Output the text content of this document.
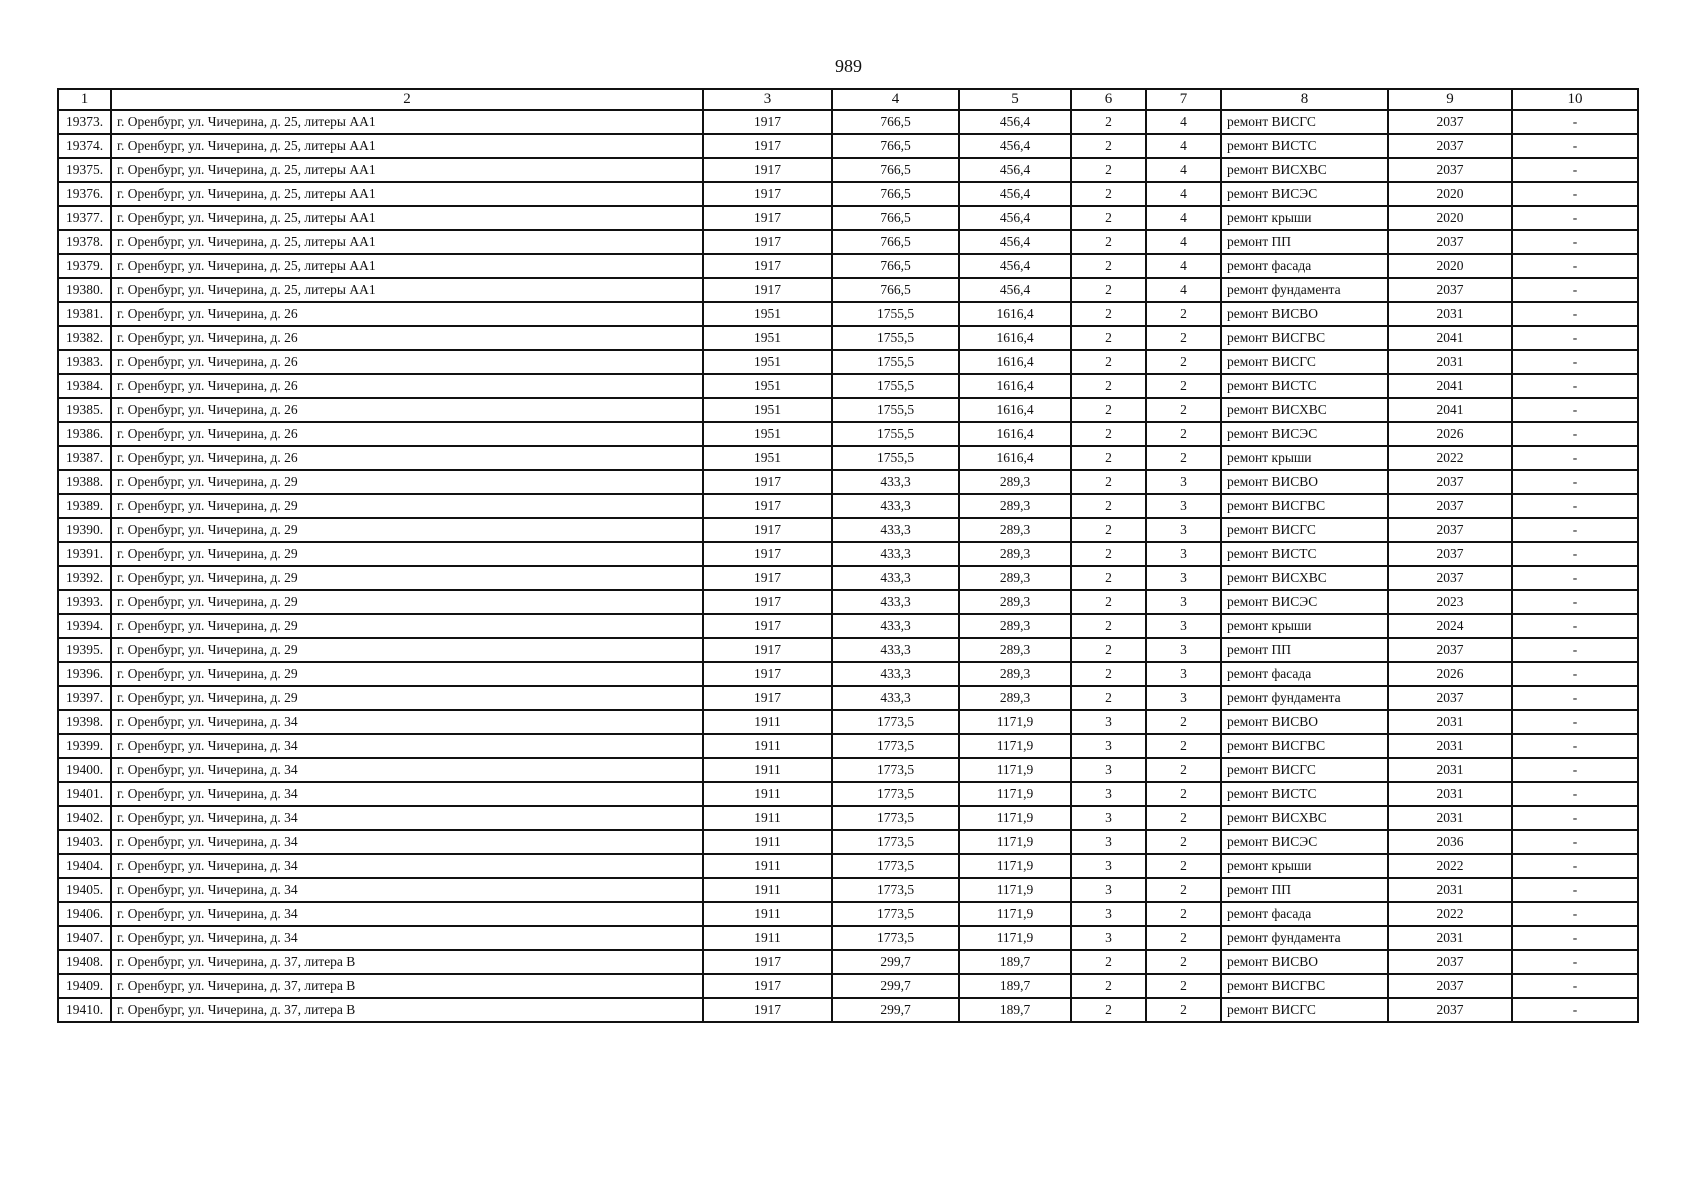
989
1	2	3	4	5	6	7	8	9	10
19373.	г. Оренбург, ул. Чичерина, д. 25, литеры АА1	1917	766,5	456,4	2	4	ремонт ВИСГС	2037	-
19374.	г. Оренбург, ул. Чичерина, д. 25, литеры АА1	1917	766,5	456,4	2	4	ремонт ВИСТС	2037	-
19375.	г. Оренбург, ул. Чичерина, д. 25, литеры АА1	1917	766,5	456,4	2	4	ремонт ВИСХВС	2037	-
19376.	г. Оренбург, ул. Чичерина, д. 25, литеры АА1	1917	766,5	456,4	2	4	ремонт ВИСЭС	2020	-
19377.	г. Оренбург, ул. Чичерина, д. 25, литеры АА1	1917	766,5	456,4	2	4	ремонт крыши	2020	-
19378.	г. Оренбург, ул. Чичерина, д. 25, литеры АА1	1917	766,5	456,4	2	4	ремонт ПП	2037	-
19379.	г. Оренбург, ул. Чичерина, д. 25, литеры АА1	1917	766,5	456,4	2	4	ремонт фасада	2020	-
19380.	г. Оренбург, ул. Чичерина, д. 25, литеры АА1	1917	766,5	456,4	2	4	ремонт фундамента	2037	-
19381.	г. Оренбург, ул. Чичерина, д. 26	1951	1755,5	1616,4	2	2	ремонт ВИСВО	2031	-
19382.	г. Оренбург, ул. Чичерина, д. 26	1951	1755,5	1616,4	2	2	ремонт ВИСГВС	2041	-
19383.	г. Оренбург, ул. Чичерина, д. 26	1951	1755,5	1616,4	2	2	ремонт ВИСГС	2031	-
19384.	г. Оренбург, ул. Чичерина, д. 26	1951	1755,5	1616,4	2	2	ремонт ВИСТС	2041	-
19385.	г. Оренбург, ул. Чичерина, д. 26	1951	1755,5	1616,4	2	2	ремонт ВИСХВС	2041	-
19386.	г. Оренбург, ул. Чичерина, д. 26	1951	1755,5	1616,4	2	2	ремонт ВИСЭС	2026	-
19387.	г. Оренбург, ул. Чичерина, д. 26	1951	1755,5	1616,4	2	2	ремонт крыши	2022	-
19388.	г. Оренбург, ул. Чичерина, д. 29	1917	433,3	289,3	2	3	ремонт ВИСВО	2037	-
19389.	г. Оренбург, ул. Чичерина, д. 29	1917	433,3	289,3	2	3	ремонт ВИСГВС	2037	-
19390.	г. Оренбург, ул. Чичерина, д. 29	1917	433,3	289,3	2	3	ремонт ВИСГС	2037	-
19391.	г. Оренбург, ул. Чичерина, д. 29	1917	433,3	289,3	2	3	ремонт ВИСТС	2037	-
19392.	г. Оренбург, ул. Чичерина, д. 29	1917	433,3	289,3	2	3	ремонт ВИСХВС	2037	-
19393.	г. Оренбург, ул. Чичерина, д. 29	1917	433,3	289,3	2	3	ремонт ВИСЭС	2023	-
19394.	г. Оренбург, ул. Чичерина, д. 29	1917	433,3	289,3	2	3	ремонт крыши	2024	-
19395.	г. Оренбург, ул. Чичерина, д. 29	1917	433,3	289,3	2	3	ремонт ПП	2037	-
19396.	г. Оренбург, ул. Чичерина, д. 29	1917	433,3	289,3	2	3	ремонт фасада	2026	-
19397.	г. Оренбург, ул. Чичерина, д. 29	1917	433,3	289,3	2	3	ремонт фундамента	2037	-
19398.	г. Оренбург, ул. Чичерина, д. 34	1911	1773,5	1171,9	3	2	ремонт ВИСВО	2031	-
19399.	г. Оренбург, ул. Чичерина, д. 34	1911	1773,5	1171,9	3	2	ремонт ВИСГВС	2031	-
19400.	г. Оренбург, ул. Чичерина, д. 34	1911	1773,5	1171,9	3	2	ремонт ВИСГС	2031	-
19401.	г. Оренбург, ул. Чичерина, д. 34	1911	1773,5	1171,9	3	2	ремонт ВИСТС	2031	-
19402.	г. Оренбург, ул. Чичерина, д. 34	1911	1773,5	1171,9	3	2	ремонт ВИСХВС	2031	-
19403.	г. Оренбург, ул. Чичерина, д. 34	1911	1773,5	1171,9	3	2	ремонт ВИСЭС	2036	-
19404.	г. Оренбург, ул. Чичерина, д. 34	1911	1773,5	1171,9	3	2	ремонт крыши	2022	-
19405.	г. Оренбург, ул. Чичерина, д. 34	1911	1773,5	1171,9	3	2	ремонт ПП	2031	-
19406.	г. Оренбург, ул. Чичерина, д. 34	1911	1773,5	1171,9	3	2	ремонт фасада	2022	-
19407.	г. Оренбург, ул. Чичерина, д. 34	1911	1773,5	1171,9	3	2	ремонт фундамента	2031	-
19408.	г. Оренбург, ул. Чичерина, д. 37, литера В	1917	299,7	189,7	2	2	ремонт ВИСВО	2037	-
19409.	г. Оренбург, ул. Чичерина, д. 37, литера В	1917	299,7	189,7	2	2	ремонт ВИСГВС	2037	-
19410.	г. Оренбург, ул. Чичерина, д. 37, литера В	1917	299,7	189,7	2	2	ремонт ВИСГС	2037	-
